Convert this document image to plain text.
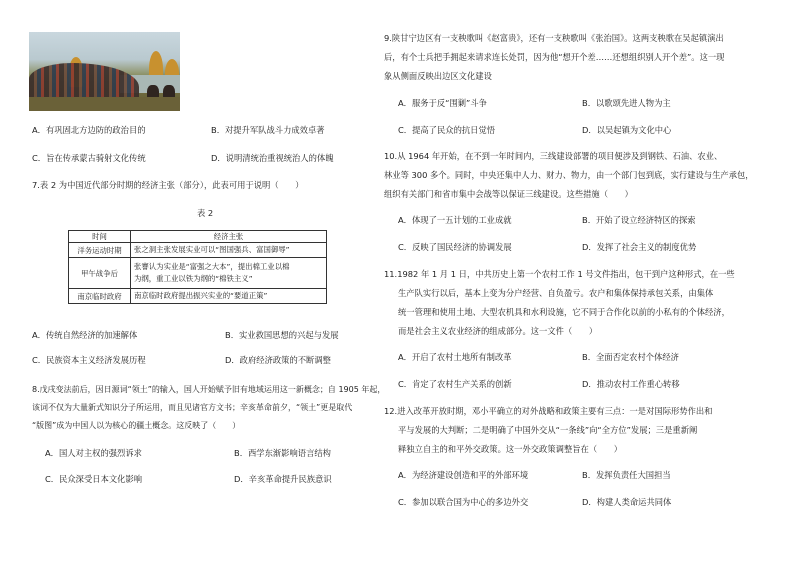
A．有巩固北方边防的政治目的	B．对提升军队战斗力成效卓著
C．旨在传承蒙古骑射文化传统	D．说明清统治重视统治人的体魄
7.表 2 为中国近代部分时期的经济主张（部分），此表可用于说明（　　）
表 2
时间	经济主张
洋务运动时期	张之洞主张发展实业可以“图国强兵、富国御辱”
甲午战争后	张謇认为实业是“富强之大本”，提出棉工业以棉
为纲，重工业以铁为纲的“棉铁主义”

南京临时政府	南京临时政府提出振兴实业的“要道正策”
A．传统自然经济的加速解体	B．实业救国思想的兴起与发展
C．民族资本主义经济发展历程	D．政府经济政策的不断调整
8.戊戌变法前后，因日源词“领土”的输入，国人开始赋予旧有地域运用这一新概念；自 1905 年起，
该词不仅为大量新式知识分子所运用，而且见诸官方文书；辛亥革命前夕，“领土”更是取代
“版图”成为中国人以为核心的疆土概念。这反映了（　　）
A．国人对主权的强烈诉求	B．西学东渐影响语言结构
C．民众深受日本文化影响	D．辛亥革命提升民族意识
9.陕甘宁边区有一支秧歌叫《赵富贵》，还有一支秧歌叫《张治国》。这两支秧歌在吴起镇演出
后，有个士兵把手拥起来请求连长处罚，因为他“想开个差……还想组织别人开个差”。这一现
象从侧面反映出边区文化建设
A．服务于反“围剿”斗争	B．以歌颂先进人物为主
C．提高了民众的抗日觉悟	D．以吴起镇为文化中心
10.从 1964 年开始，在不到一年时间内，三线建设部署的项目便涉及到钢铁、石油、农业、
林业等 300 多个。同时，中央还集中人力、财力、物力，由一个部门包到底，实行建设与生产承包，
组织有关部门和省市集中会战等以保证三线建设。这些措施（　　）
A．体现了一五计划的工业成就	B．开始了设立经济特区的探索
C．反映了国民经济的协调发展	D．发挥了社会主义的制度优势
11.1982 年 1 月 1 日，中共历史上第一个农村工作 1 号文件指出，包干到户这种形式，在一些
生产队实行以后，基本上变为分户经营、自负盈亏。农户和集体保持承包关系，由集体
统一管理和使用土地、大型农机具和水利设施，它不同于合作化以前的小私有的个体经济，
而是社会主义农业经济的组成部分。这一文件（　　）
A．开启了农村土地所有制改革	B．全面否定农村个体经济
C．肯定了农村生产关系的创新	D．推动农村工作重心转移
12.进入改革开放时期，邓小平确立的对外战略和政策主要有三点：一是对国际形势作出和
平与发展的大判断；二是明确了中国外交从“一条线”向“全方位”发展；三是重新阐
释独立自主的和平外交政策。这一外交政策调整旨在（　　）
A．为经济建设创造和平的外部环境	B．发挥负责任大国担当
C．参加以联合国为中心的多边外交	D．构建人类命运共同体
